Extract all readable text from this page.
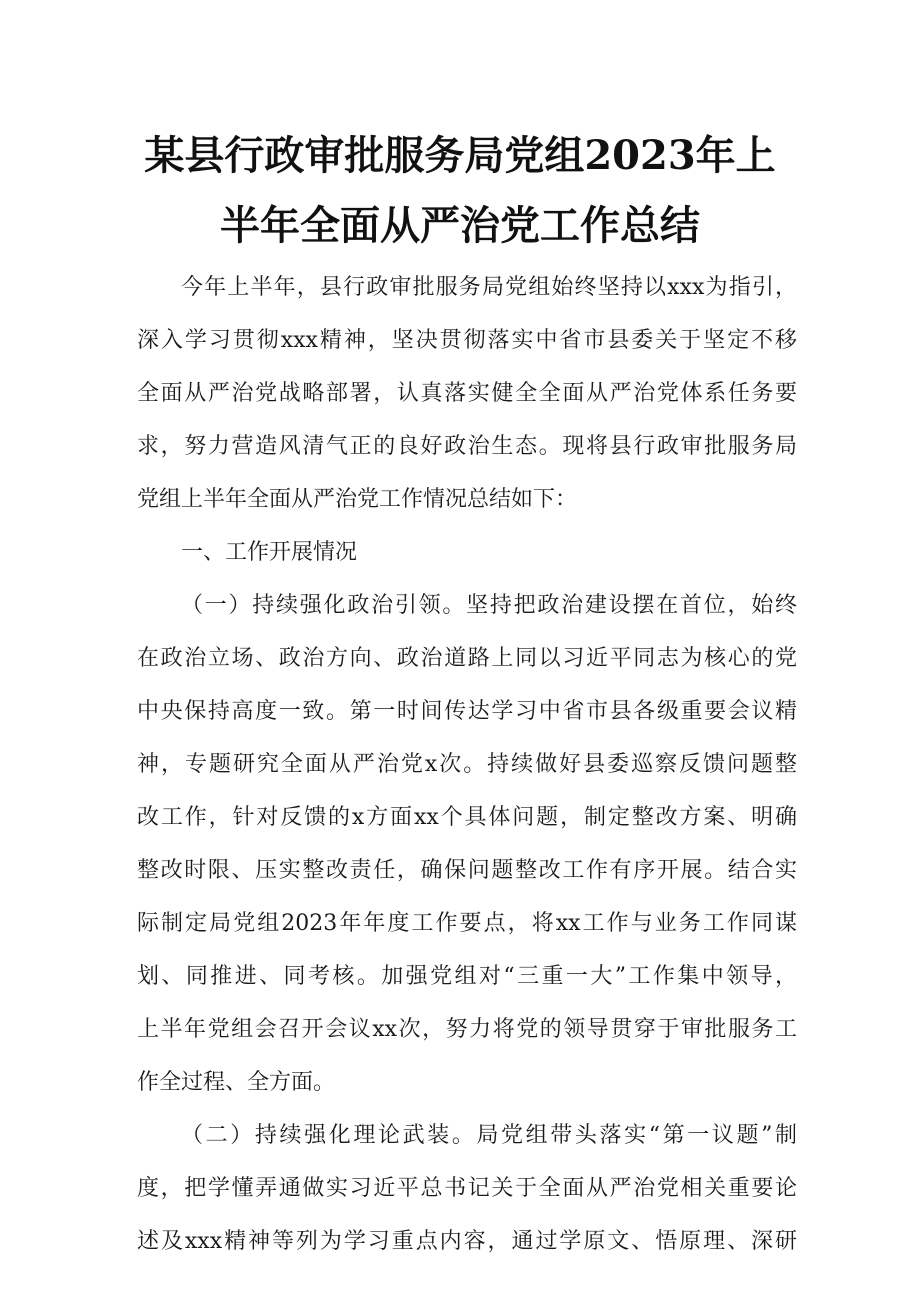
某县行政审批服务局党组2023年上
半年全面从严治党工作总结
今年上半年，县行政审批服务局党组始终坚持以xxx为指引，
深入学习贯彻xxx精神，坚决贯彻落实中省市县委关于坚定不移
全面从严治党战略部署，认真落实健全全面从严治党体系任务要
求，努力营造风清气正的良好政治生态。现将县行政审批服务局
党组上半年全面从严治党工作情况总结如下：
一、工作开展情况
（一）持续强化政治引领。坚持把政治建设摆在首位，始终
在政治立场、政治方向、政治道路上同以习近平同志为核心的党
中央保持高度一致。第一时间传达学习中省市县各级重要会议精
神，专题研究全面从严治党x次。持续做好县委巡察反馈问题整
改工作，针对反馈的x方面xx个具体问题，制定整改方案、明确
整改时限、压实整改责任，确保问题整改工作有序开展。结合实
际制定局党组2023年年度工作要点，将xx工作与业务工作同谋
划、同推进、同考核。加强党组对“三重一大”工作集中领导，
上半年党组会召开会议xx次，努力将党的领导贯穿于审批服务工
作全过程、全方面。
（二）持续强化理论武装。局党组带头落实“第一议题”制
度，把学懂弄通做实习近平总书记关于全面从严治党相关重要论
述及xxx精神等列为学习重点内容，通过学原文、悟原理、深研
